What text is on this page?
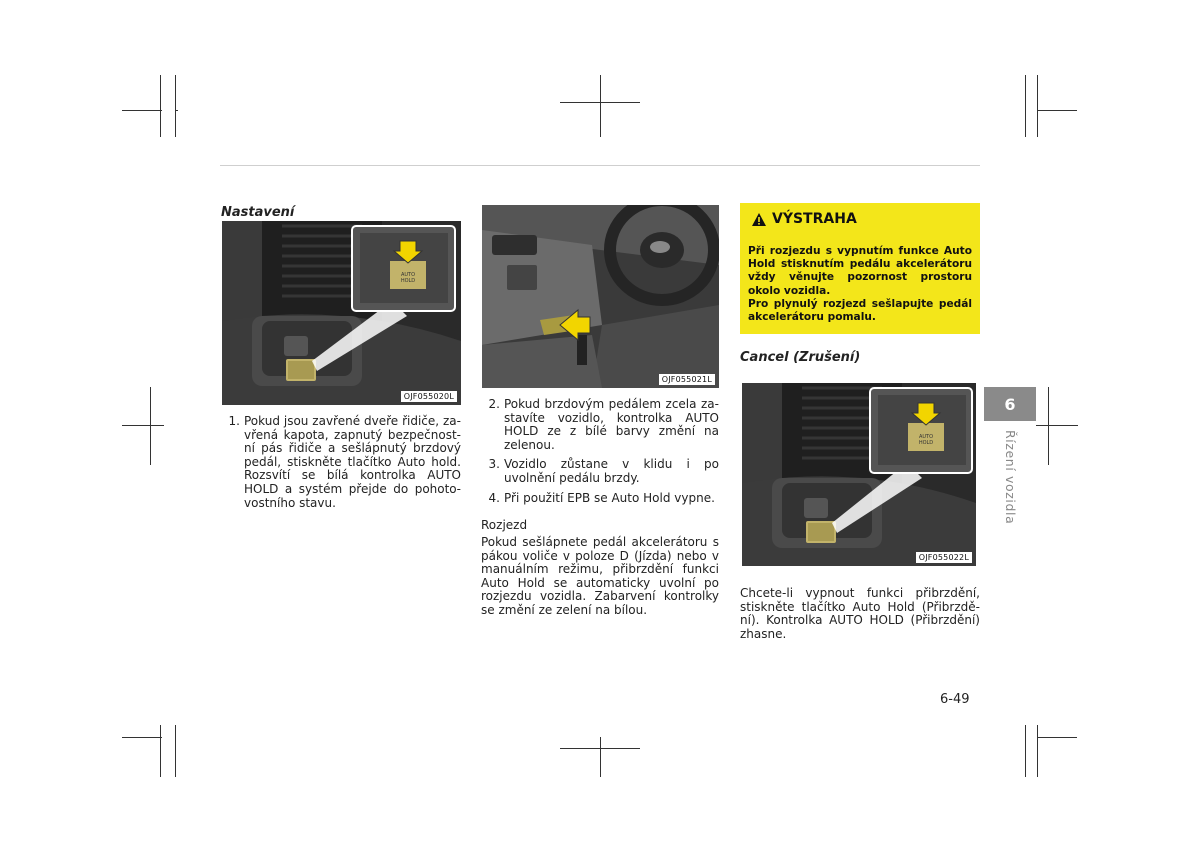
Nastavení
AUTO
HOLD
OJF055020L
1. Pokud jsou zavřené dveře řidiče, zavřená kapota, zapnutý bezpečnostní pás řidiče a sešlápnutý brzdový pedál, stiskněte tlačítko Auto hold. Rozsvítí se bílá kontrolka AUTO HOLD a systém přejde do pohotovostního stavu.
OJF055021L
2. Pokud brzdovým pedálem zcela zastavíte vozidlo, kontrolka AUTO HOLD ze z bílé barvy změní na zelenou.
3. Vozidlo zůstane v klidu i po uvolnění pedálu brzdy.
4. Při použití EPB se Auto Hold vypne.
Rozjezd
Pokud sešlápnete pedál akcelerátoru s pákou voliče v poloze D (Jízda) nebo v manuálním režimu, přibrzdění funkci Auto Hold se automaticky uvolní po rozjezdu vozidla. Zabarvení kontrolky se změní ze zelení na bílou.
VÝSTRAHA
Při rozjezdu s vypnutím funkce Auto Hold stisknutím pedálu akcelerátoru vždy věnujte pozornost prostoru okolo vozidla.
Pro plynulý rozjezd sešlapujte pedál akcelerátoru pomalu.
Cancel (Zrušení)
AUTO
HOLD
OJF055022L
Chcete-li vypnout funkci přibrzdění, stiskněte tlačítko Auto Hold (Přibrzdění). Kontrolka AUTO HOLD (Přibrzdění) zhasne.
6
Řízení vozidla
6-49
